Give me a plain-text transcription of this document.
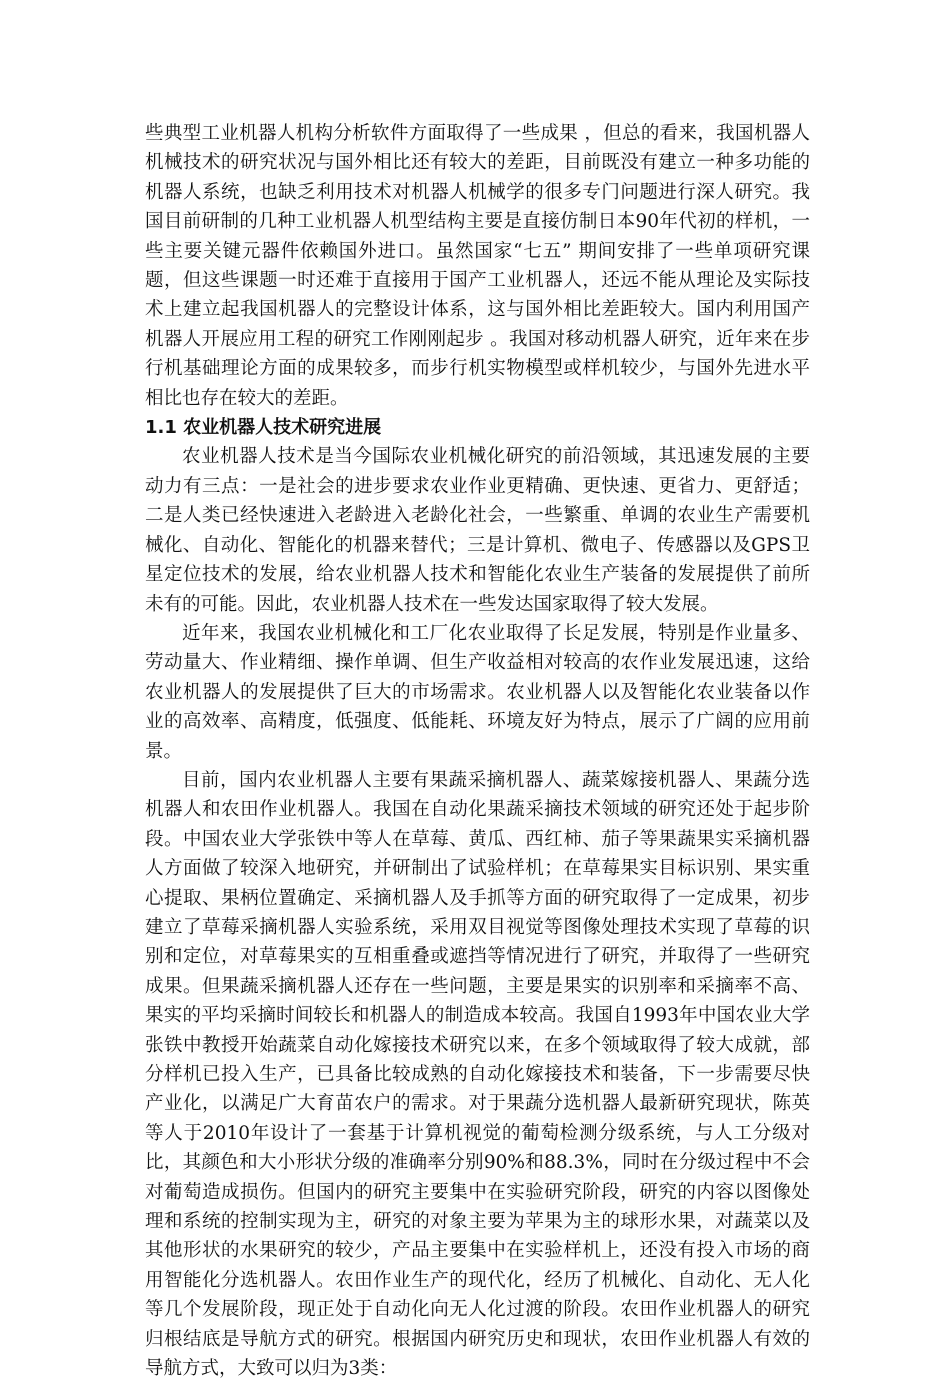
些典型工业机器人机构分析软件方面取得了一些成果 ，但总的看来，我国机器人机械技术的研究状况与国外相比还有较大的差距，目前既没有建立一种多功能的机器人系统，也缺乏利用技术对机器人机械学的很多专门问题进行深人研究。我国目前研制的几种工业机器人机型结构主要是直接仿制日本90年代初的样机，一些主要关键元器件依赖国外进口。虽然国家“七五” 期间安排了一些单项研究课题，但这些课题一时还难于直接用于国产工业机器人，还远不能从理论及实际技术上建立起我国机器人的完整设计体系，这与国外相比差距较大。国内利用国产机器人开展应用工程的研究工作刚刚起步 。我国对移动机器人研究，近年来在步行机基础理论方面的成果较多，而步行机实物模型或样机较少，与国外先进水平相比也存在较大的差距。

1.1 农业机器人技术研究进展

农业机器人技术是当今国际农业机械化研究的前沿领域，其迅速发展的主要动力有三点：一是社会的进步要求农业作业更精确、更快速、更省力、更舒适；二是人类已经快速进入老龄进入老龄化社会，一些繁重、单调的农业生产需要机械化、自动化、智能化的机器来替代；三是计算机、微电子、传感器以及GPS卫星定位技术的发展，给农业机器人技术和智能化农业生产装备的发展提供了前所未有的可能。因此，农业机器人技术在一些发达国家取得了较大发展。

近年来，我国农业机械化和工厂化农业取得了长足发展，特别是作业量多、劳动量大、作业精细、操作单调、但生产收益相对较高的农作业发展迅速，这给农业机器人的发展提供了巨大的市场需求。农业机器人以及智能化农业装备以作业的高效率、高精度，低强度、低能耗、环境友好为特点，展示了广阔的应用前景。

目前，国内农业机器人主要有果蔬采摘机器人、蔬菜嫁接机器人、果蔬分选机器人和农田作业机器人。我国在自动化果蔬采摘技术领域的研究还处于起步阶段。中国农业大学张铁中等人在草莓、黄瓜、西红柿、茄子等果蔬果实采摘机器人方面做了较深入地研究，并研制出了试验样机；在草莓果实目标识别、果实重心提取、果柄位置确定、采摘机器人及手抓等方面的研究取得了一定成果，初步建立了草莓采摘机器人实验系统，采用双目视觉等图像处理技术实现了草莓的识别和定位，对草莓果实的互相重叠或遮挡等情况进行了研究，并取得了一些研究成果。但果蔬采摘机器人还存在一些问题，主要是果实的识别率和采摘率不高、果实的平均采摘时间较长和机器人的制造成本较高。我国自1993年中国农业大学张铁中教授开始蔬菜自动化嫁接技术研究以来，在多个领域取得了较大成就，部分样机已投入生产，已具备比较成熟的自动化嫁接技术和装备，下一步需要尽快产业化，以满足广大育苗农户的需求。对于果蔬分选机器人最新研究现状，陈英等人于2010年设计了一套基于计算机视觉的葡萄检测分级系统，与人工分级对比，其颜色和大小形状分级的准确率分别90%和88.3%，同时在分级过程中不会对葡萄造成损伤。但国内的研究主要集中在实验研究阶段，研究的内容以图像处理和系统的控制实现为主，研究的对象主要为苹果为主的球形水果，对蔬菜以及其他形状的水果研究的较少，产品主要集中在实验样机上，还没有投入市场的商用智能化分选机器人。农田作业生产的现代化，经历了机械化、自动化、无人化等几个发展阶段，现正处于自动化向无人化过渡的阶段。农田作业机器人的研究归根结底是导航方式的研究。根据国内研究历史和现状，农田作业机器人有效的导航方式，大致可以归为3类：
